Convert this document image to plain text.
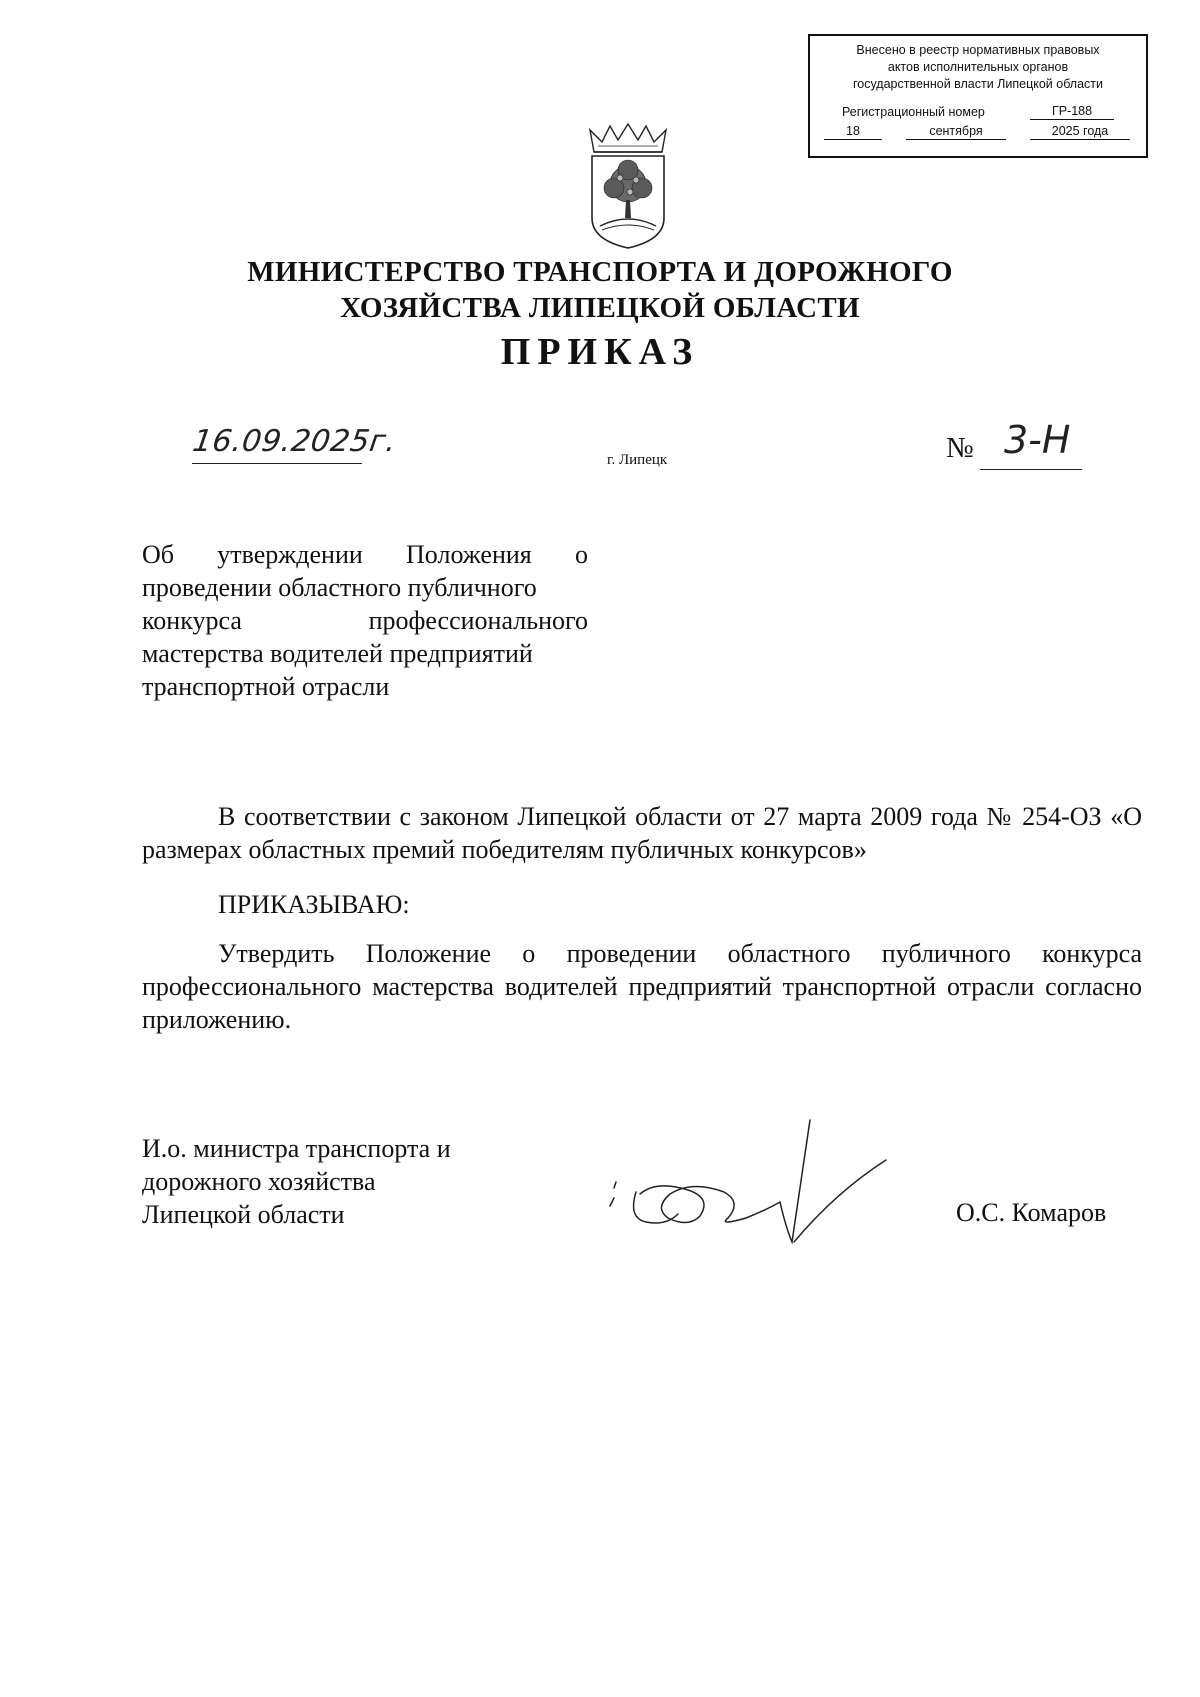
Внесено в реестр нормативных правовых
актов исполнительных органов
государственной власти Липецкой области
Регистрационный номер	ГР-188
18	сентября	2025 года
МИНИСТЕРСТВО ТРАНСПОРТА И ДОРОЖНОГО
ХОЗЯЙСТВА ЛИПЕЦКОЙ ОБЛАСТИ
ПРИКАЗ
16.09.2025г.
г. Липецк	№ 3-Н
Об утверждении Положения о
проведении областного публичного
конкурса	профессионального
мастерства водителей предприятий
транспортной отрасли
В соответствии с законом Липецкой области от 27 марта 2009 года № 254-ОЗ «О размерах областных премий победителям публичных конкурсов»
ПРИКАЗЫВАЮ:
Утвердить Положение о проведении областного публичного конкурса профессионального мастерства водителей предприятий транспортной отрасли согласно приложению.
И.о. министра транспорта и
дорожного хозяйства
Липецкой области	О.С. Комаров
